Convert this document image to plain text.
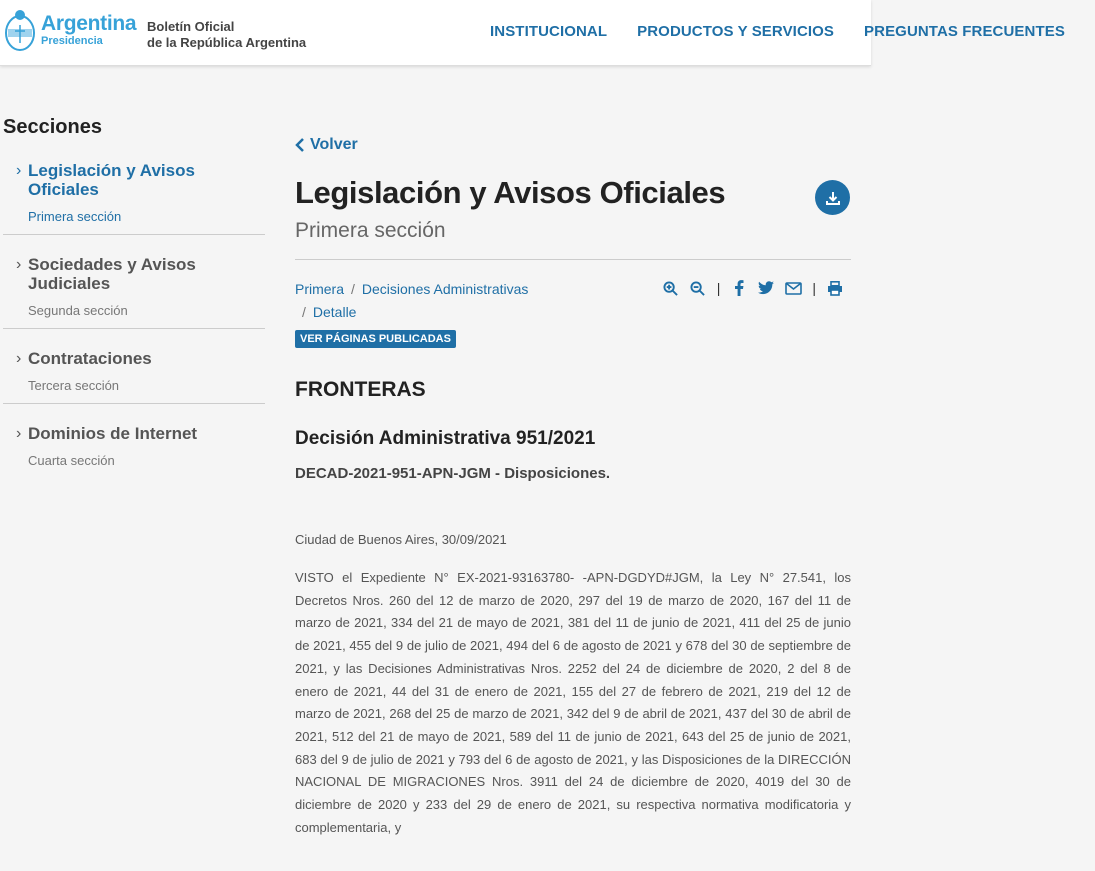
Argentina
Presidencia
Boletín Oficial
de la República Argentina
INSTITUCIONAL PRODUCTOS Y SERVICIOS PREGUNTAS FRECUENTES
Secciones
› Legislación y Avisos Oficiales
Primera sección
› Sociedades y Avisos Judiciales
Segunda sección
› Contrataciones
Tercera sección
› Dominios de Internet
Cuarta sección
Volver
Legislación y Avisos Oficiales
Primera sección
Primera / Decisiones Administrativas
/ Detalle
|	|
VER PÁGINAS PUBLICADAS
FRONTERAS
Decisión Administrativa 951/2021
DECAD-2021-951-APN-JGM - Disposiciones.
Ciudad de Buenos Aires, 30/09/2021
VISTO el Expediente N° EX-2021-93163780- -APN-DGDYD#JGM, la Ley N° 27.541, los Decretos Nros. 260 del 12 de marzo de 2020, 297 del 19 de marzo de 2020, 167 del 11 de marzo de 2021, 334 del 21 de mayo de 2021, 381 del 11 de junio de 2021, 411 del 25 de junio de 2021, 455 del 9 de julio de 2021, 494 del 6 de agosto de 2021 y 678 del 30 de septiembre de 2021, y las Decisiones Administrativas Nros. 2252 del 24 de diciembre de 2020, 2 del 8 de enero de 2021, 44 del 31 de enero de 2021, 155 del 27 de febrero de 2021, 219 del 12 de marzo de 2021, 268 del 25 de marzo de 2021, 342 del 9 de abril de 2021, 437 del 30 de abril de 2021, 512 del 21 de mayo de 2021, 589 del 11 de junio de 2021, 643 del 25 de junio de 2021, 683 del 9 de julio de 2021 y 793 del 6 de agosto de 2021, y las Disposiciones de la DIRECCIÓN NACIONAL DE MIGRACIONES Nros. 3911 del 24 de diciembre de 2020, 4019 del 30 de diciembre de 2020 y 233 del 29 de enero de 2021, su respectiva normativa modificatoria y complementaria, y
